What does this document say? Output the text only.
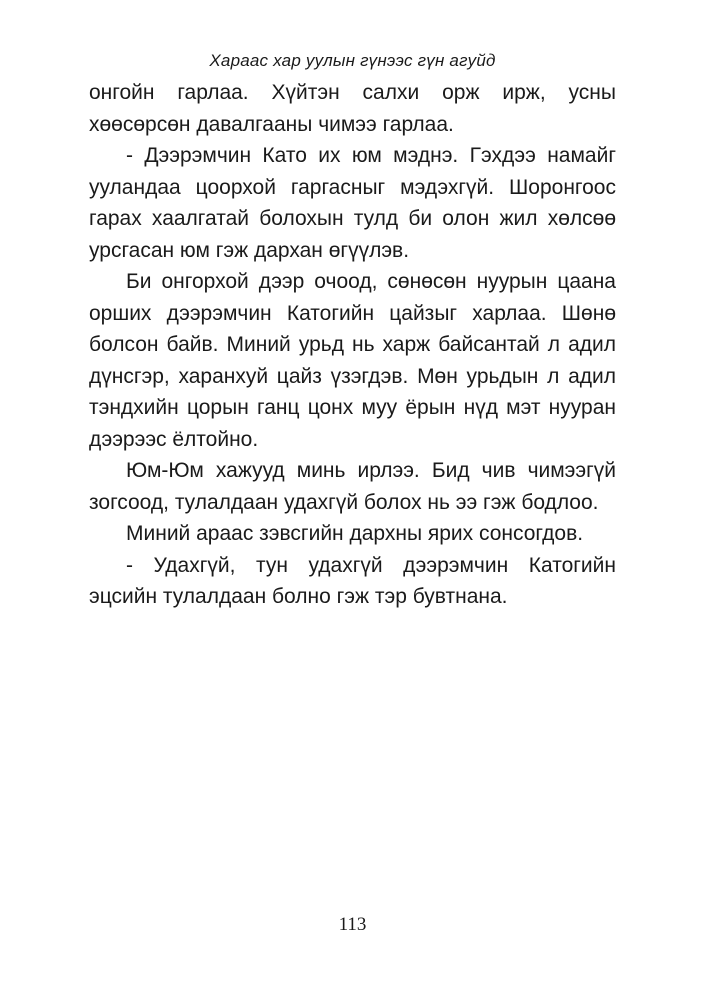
Хараас хар уулын гүнээс гүн агуйд

онгойн гарлаа. Хүйтэн салхи орж ирж, усны хөөсөрсөн давалгааны чимээ гарлаа.

- Дээрэмчин Като их юм мэднэ. Гэхдээ намайг ууландаа цоорхой гаргасныг мэдэхгүй. Шоронгоос гарах хаалгатай болохын тулд би олон жил хөлсөө урсгасан юм гэж дархан өгүүлэв.

Би онгорхой дээр очоод, сөнөсөн нуурын цаана орших дээрэмчин Катогийн цайзыг харлаа. Шөнө болсон байв. Миний урьд нь харж байсантай л адил дүнсгэр, харанхуй цайз үзэгдэв. Мөн урьдын л адил тэндхийн цорын ганц цонх муу ёрын нүд мэт нууран дээрээс ёлтойно.

Юм-Юм хажууд минь ирлээ. Бид чив чимээгүй зогсоод, тулалдаан удахгүй болох нь ээ гэж бодлоо.

Миний араас зэвсгийн дархны ярих сонсогдов.

- Удахгүй, тун удахгүй дээрэмчин Катогийн эцсийн тулалдаан болно гэж тэр бувтнана.

113
